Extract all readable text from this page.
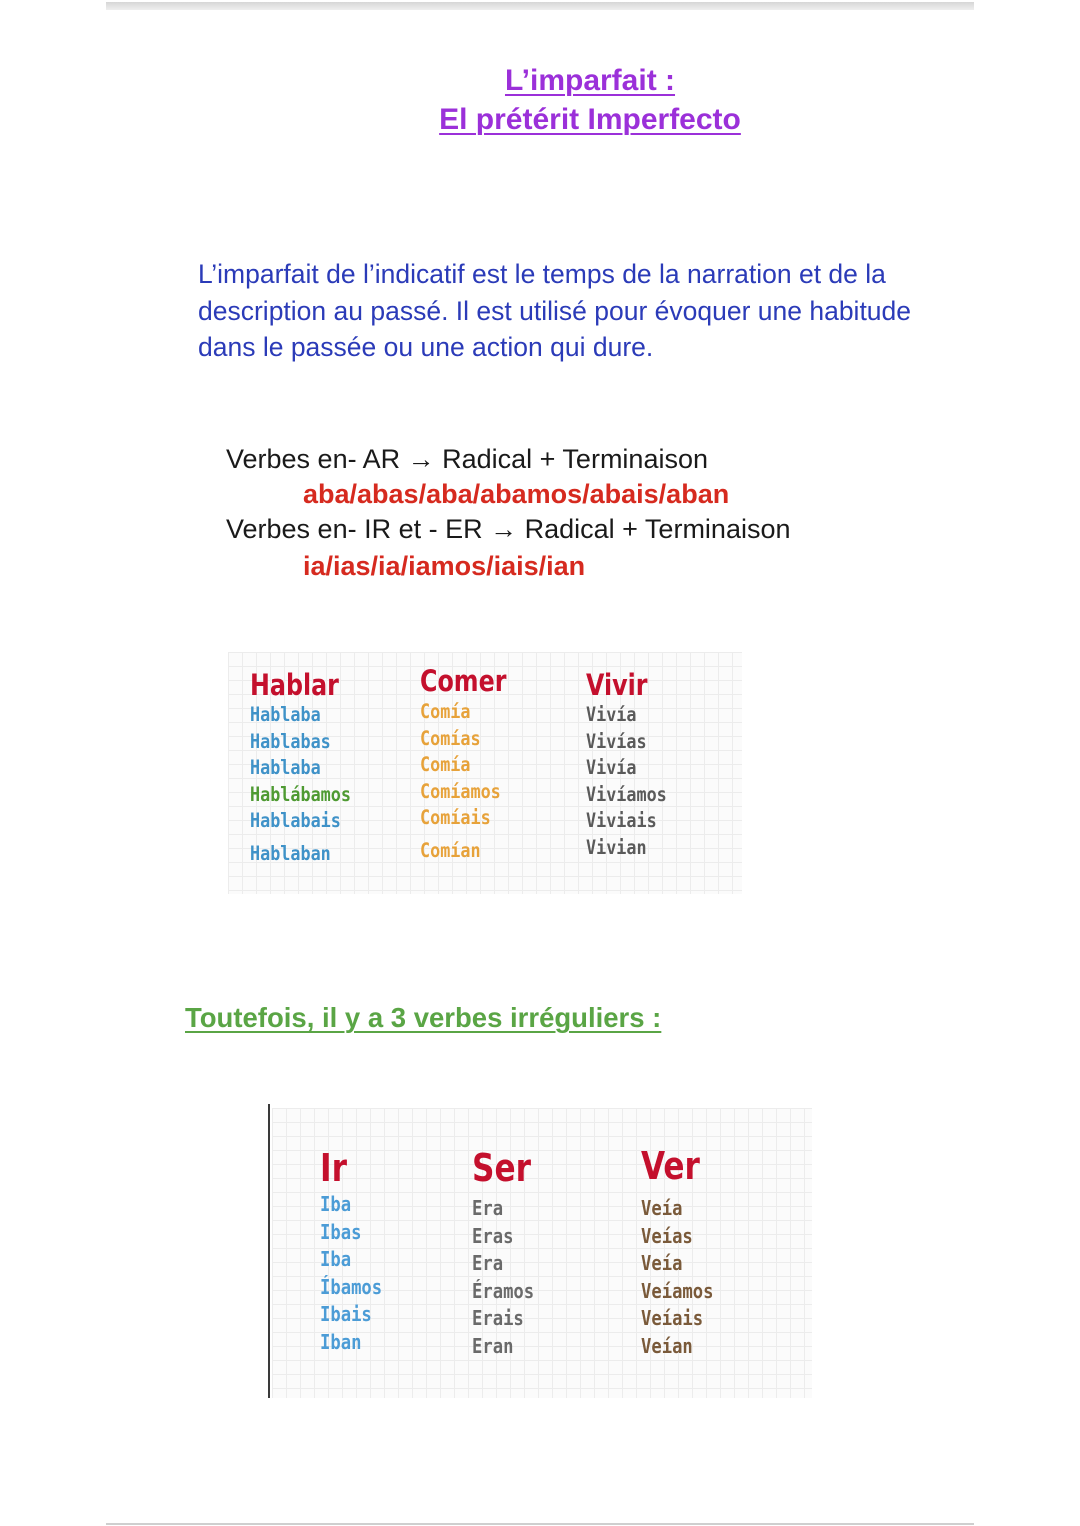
L’imparfait :
El prétérit Imperfecto

L’imparfait de l’indicatif est le temps de la narration et de la description au passé. Il est utilisé pour évoquer une habitude dans le passée ou une action qui dure.

Verbes en- AR → Radical + Terminaison
aba/abas/aba/abamos/abais/aban
Verbes en- IR et - ER → Radical + Terminaison
ia/ias/ia/iamos/iais/ian
Hablar
Hablaba
Hablabas
Hablaba
Hablábamos
Hablabais
Hablaban
Comer
Comía
Comías
Comía
Comíamos
Comíais
Comían
Vivir
Vivía
Vivías
Vivía
Vivíamos
Viviais
Vivian
Toutefois, il y a 3 verbes irréguliers :
Ir
Iba
Ibas
Iba
Íbamos
Ibais
Iban
Ser
Era
Eras
Era
Éramos
Erais
Eran
Ver
Veía
Veías
Veía
Veíamos
Veíais
Veían
